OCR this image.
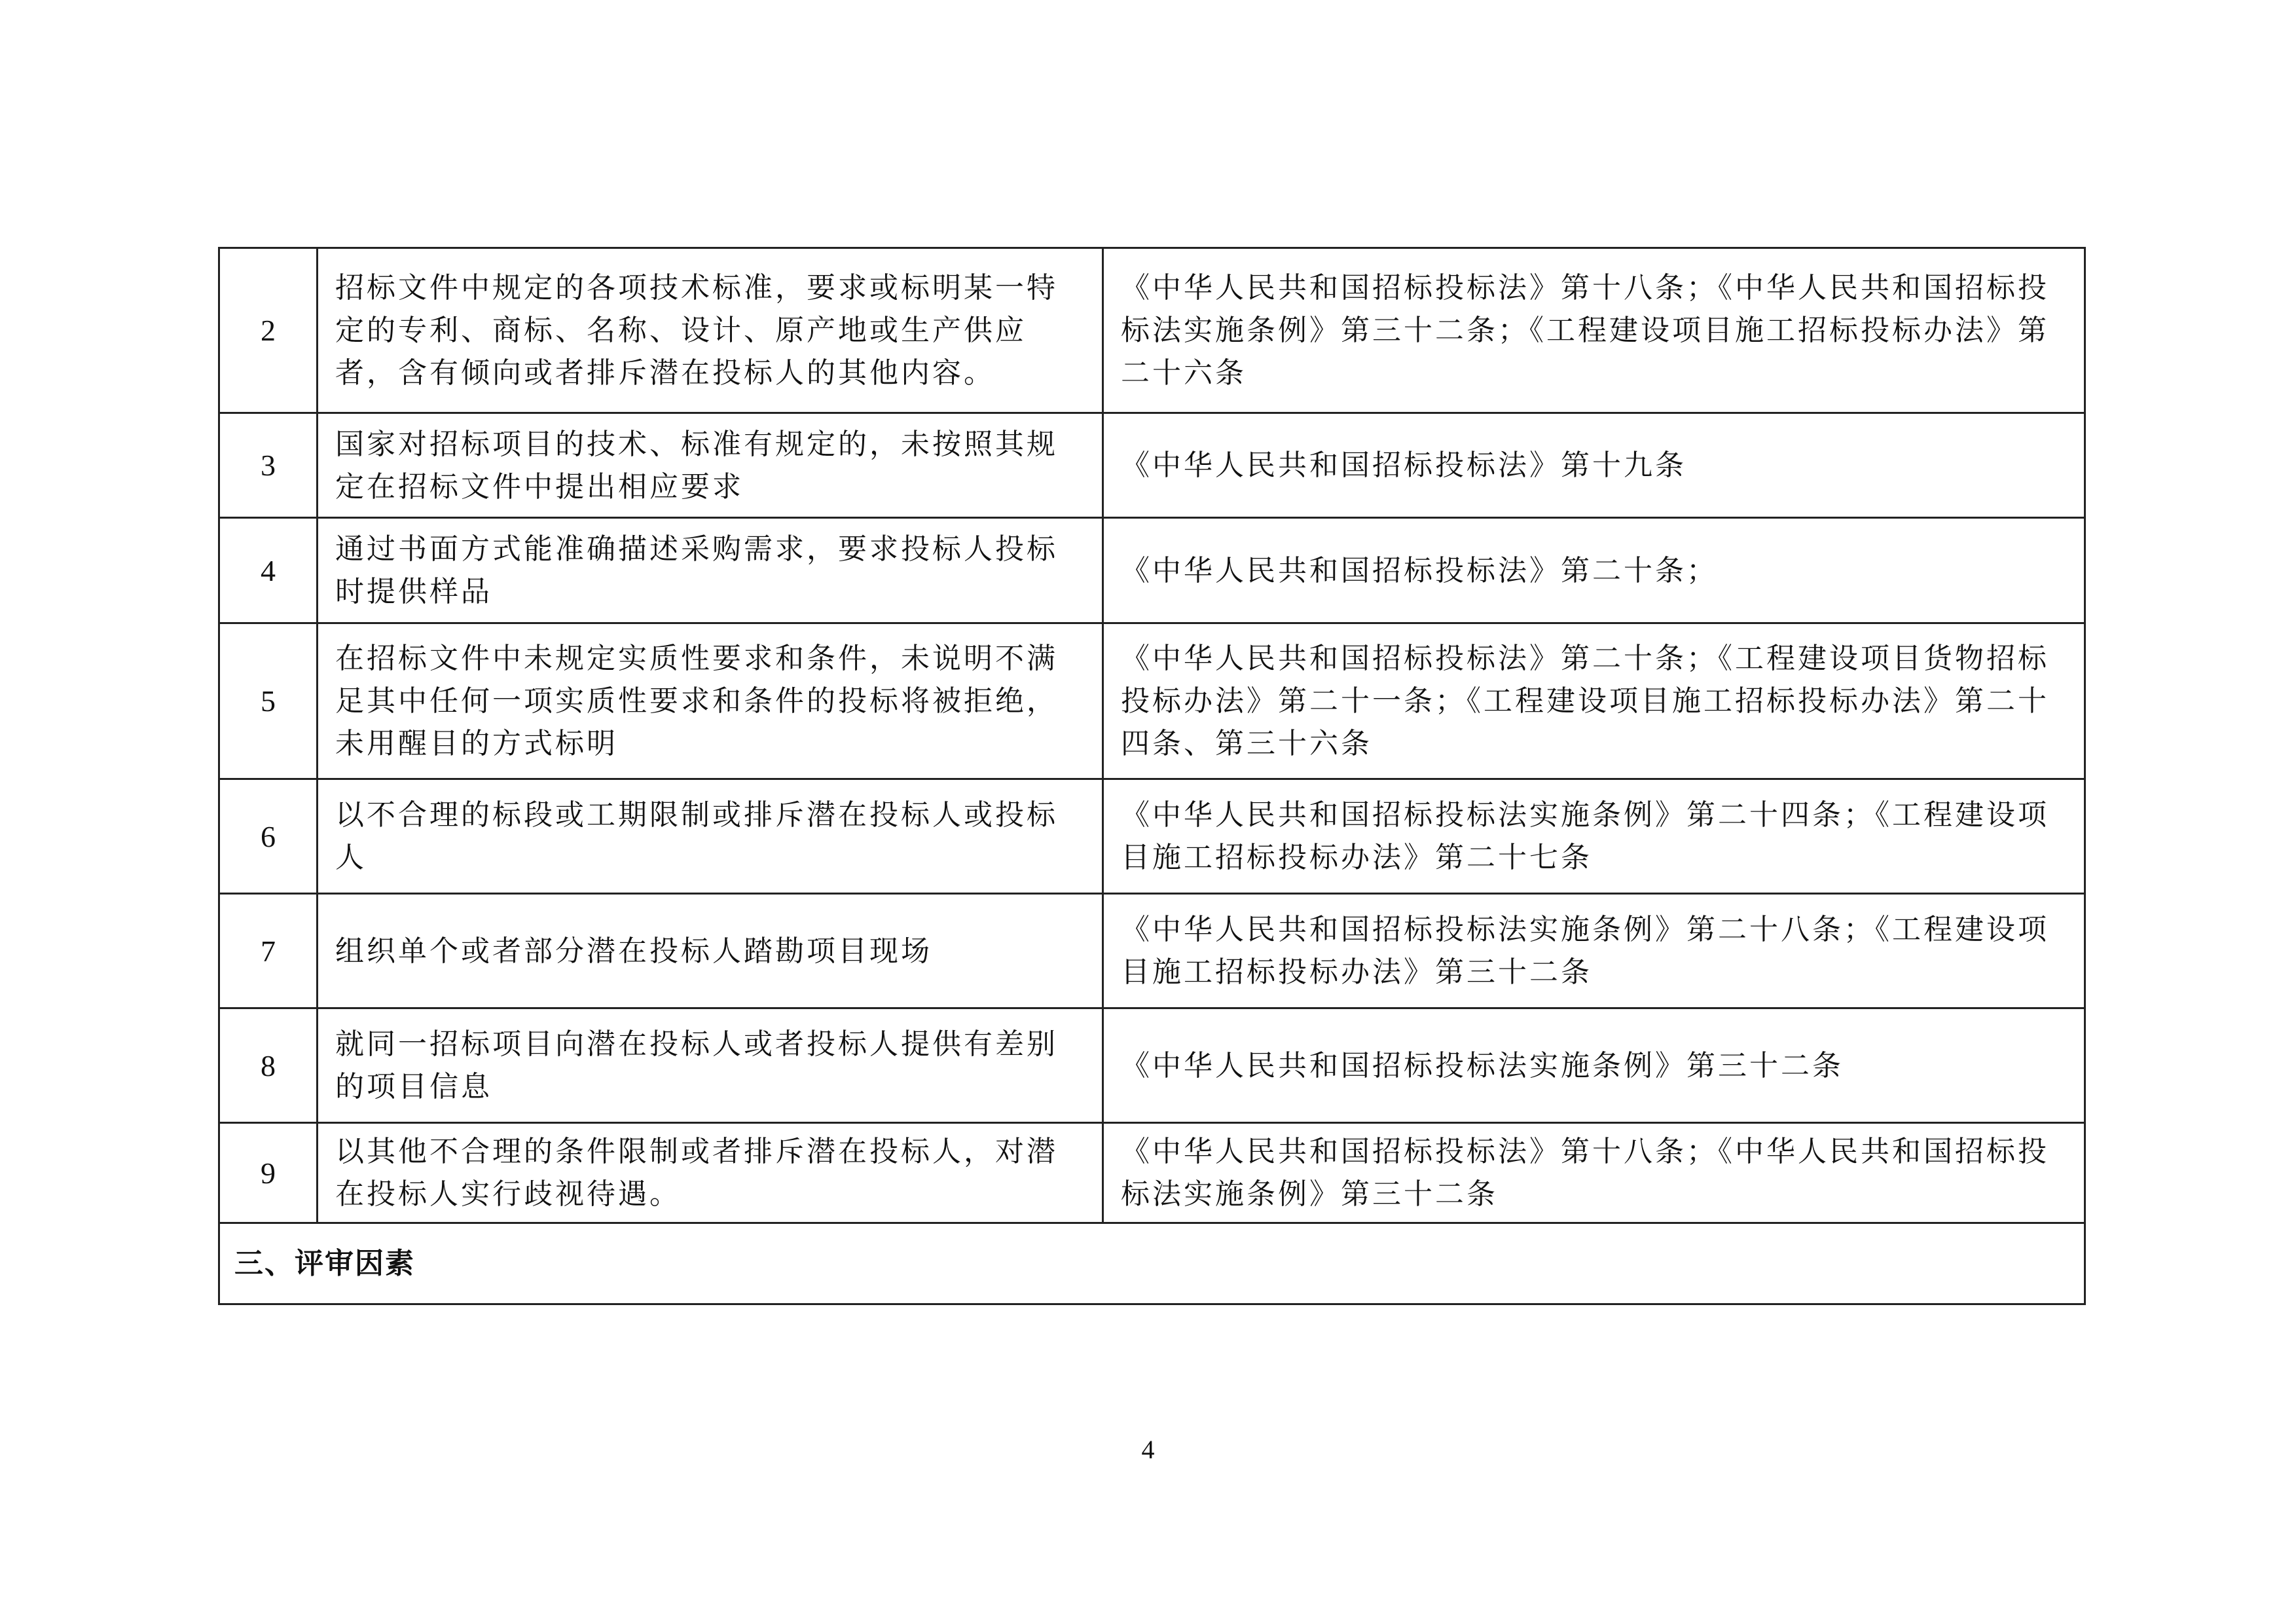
2	招标文件中规定的各项技术标准，要求或标明某一特定的专利、商标、名称、设计、原产地或生产供应者，含有倾向或者排斥潜在投标人的其他内容。	《中华人民共和国招标投标法》第十八条；《中华人民共和国招标投标法实施条例》第三十二条；《工程建设项目施工招标投标办法》第二十六条
3	国家对招标项目的技术、标准有规定的，未按照其规定在招标文件中提出相应要求	《中华人民共和国招标投标法》第十九条
4	通过书面方式能准确描述采购需求，要求投标人投标时提供样品	《中华人民共和国招标投标法》第二十条；
5	在招标文件中未规定实质性要求和条件，未说明不满足其中任何一项实质性要求和条件的投标将被拒绝，未用醒目的方式标明	《中华人民共和国招标投标法》第二十条；《工程建设项目货物招标投标办法》第二十一条；《工程建设项目施工招标投标办法》第二十四条、第三十六条
6	以不合理的标段或工期限制或排斥潜在投标人或投标人	《中华人民共和国招标投标法实施条例》第二十四条；《工程建设项目施工招标投标办法》第二十七条
7	组织单个或者部分潜在投标人踏勘项目现场	《中华人民共和国招标投标法实施条例》第二十八条；《工程建设项目施工招标投标办法》第三十二条
8	就同一招标项目向潜在投标人或者投标人提供有差别的项目信息	《中华人民共和国招标投标法实施条例》第三十二条
9	以其他不合理的条件限制或者排斥潜在投标人，对潜在投标人实行歧视待遇。	《中华人民共和国招标投标法》第十八条；《中华人民共和国招标投标法实施条例》第三十二条
三、评审因素		
4
